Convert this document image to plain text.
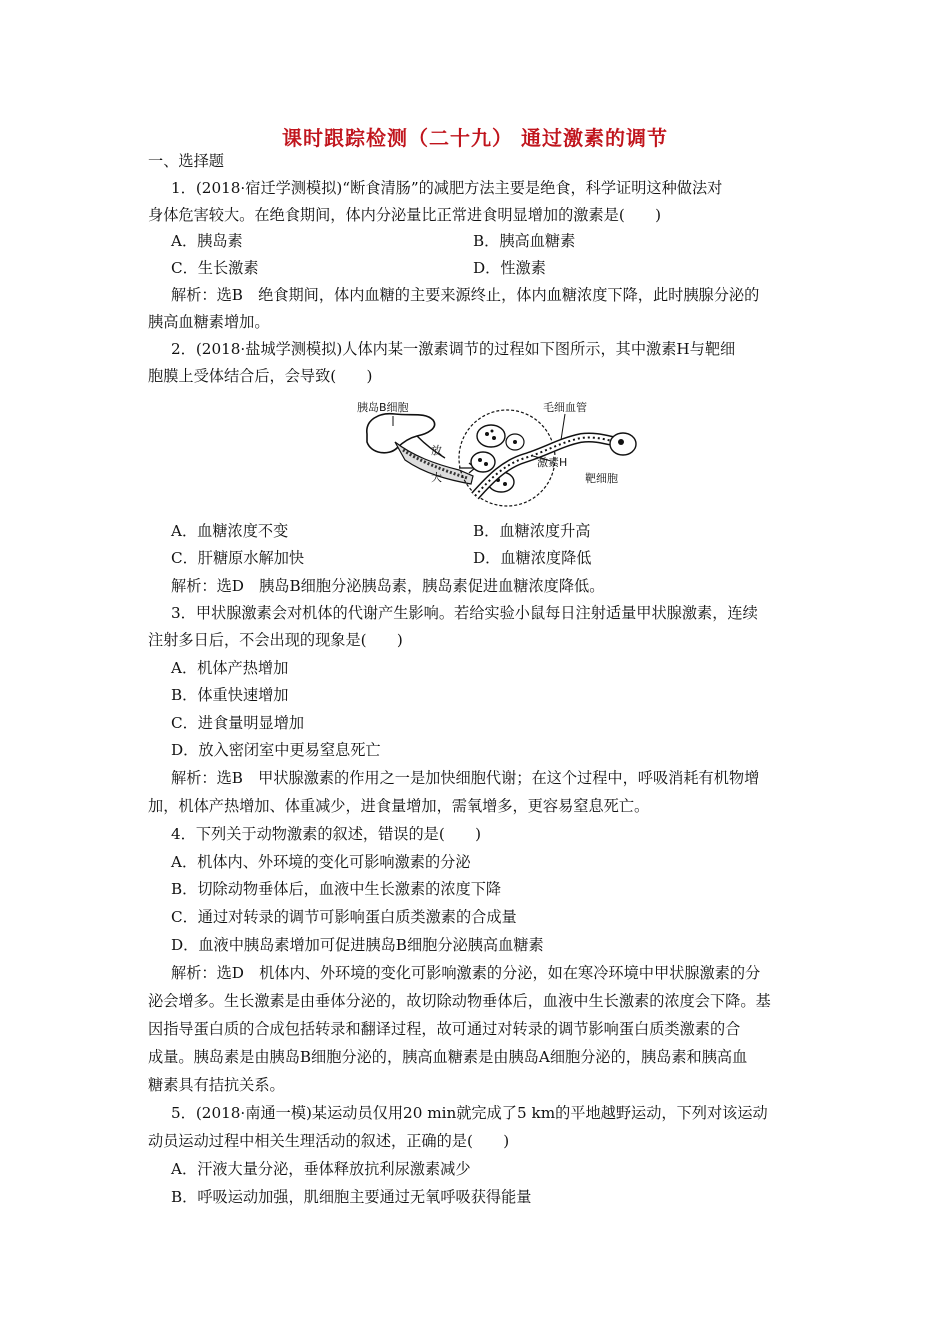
课时跟踪检测（二十九） 通过激素的调节
一、选择题
1．(2018·宿迁学测模拟)“断食清肠”的减肥方法主要是绝食，科学证明这种做法对
身体危害较大。在绝食期间，体内分泌量比正常进食明显增加的激素是(　　)
A．胰岛素	B．胰高血糖素
C．生长激素	D．性激素
解析：选B　绝食期间，体内血糖的主要来源终止，体内血糖浓度下降，此时胰腺分泌的
胰高血糖素增加。
2．(2018·盐城学测模拟)人体内某一激素调节的过程如下图所示，其中激素H与靶细
胞膜上受体结合后，会导致(　　)
胰岛B细胞
放
大
毛细血管
激素H
靶细胞
A．血糖浓度不变	B．血糖浓度升高
C．肝糖原水解加快	D．血糖浓度降低
解析：选D　胰岛B细胞分泌胰岛素，胰岛素促进血糖浓度降低。
3．甲状腺激素会对机体的代谢产生影响。若给实验小鼠每日注射适量甲状腺激素，连续
注射多日后，不会出现的现象是(　　)
A．机体产热增加
B．体重快速增加
C．进食量明显增加
D．放入密闭室中更易窒息死亡
解析：选B　甲状腺激素的作用之一是加快细胞代谢；在这个过程中，呼吸消耗有机物增
加，机体产热增加、体重减少，进食量增加，需氧增多，更容易窒息死亡。
4．下列关于动物激素的叙述，错误的是(　　)
A．机体内、外环境的变化可影响激素的分泌
B．切除动物垂体后，血液中生长激素的浓度下降
C．通过对转录的调节可影响蛋白质类激素的合成量
D．血液中胰岛素增加可促进胰岛B细胞分泌胰高血糖素
解析：选D　机体内、外环境的变化可影响激素的分泌，如在寒冷环境中甲状腺激素的分
泌会增多。生长激素是由垂体分泌的，故切除动物垂体后，血液中生长激素的浓度会下降。基
因指导蛋白质的合成包括转录和翻译过程，故可通过对转录的调节影响蛋白质类激素的合
成量。胰岛素是由胰岛B细胞分泌的，胰高血糖素是由胰岛A细胞分泌的，胰岛素和胰高血
糖素具有拮抗关系。
5．(2018·南通一模)某运动员仅用20 min就完成了5 km的平地越野运动，下列对该运动
动员运动过程中相关生理活动的叙述，正确的是(　　)
A．汗液大量分泌，垂体释放抗利尿激素减少
B．呼吸运动加强，肌细胞主要通过无氧呼吸获得能量
